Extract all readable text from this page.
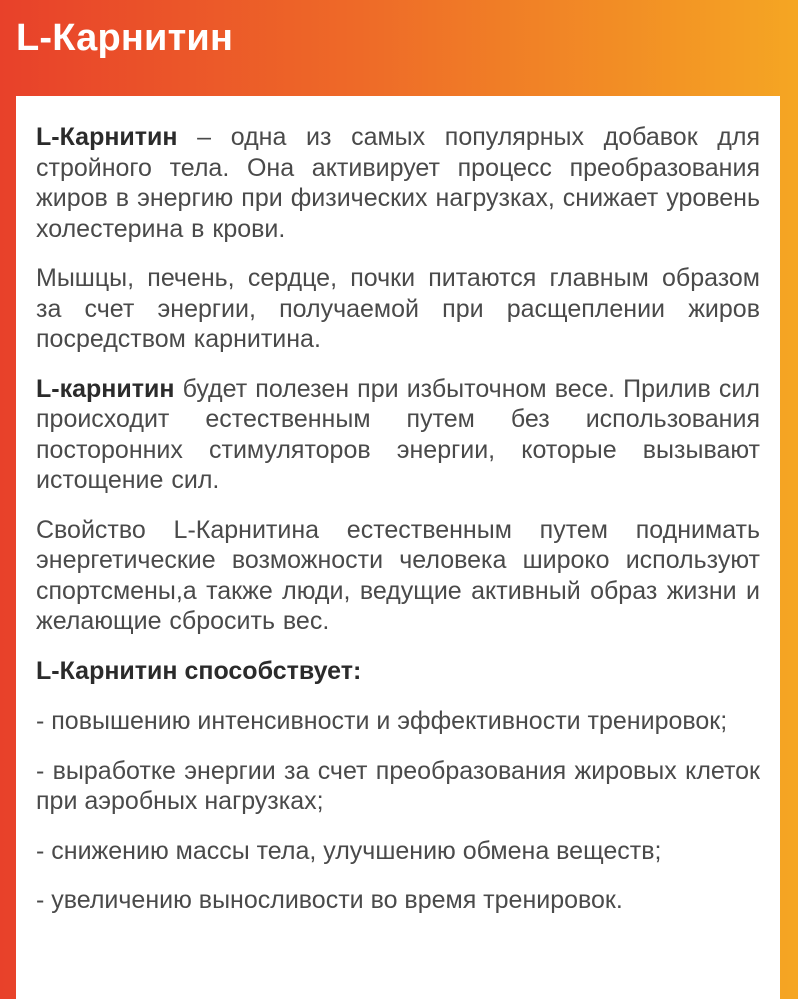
L-Карнитин

L-Карнитин – одна из самых популярных добавок для стройного тела. Она активирует процесс преобразования жиров в энергию при физических нагрузках, снижает уровень холестерина в крови.

Мышцы, печень, сердце, почки питаются главным образом за счет энергии, получаемой при расщеплении жиров посредством карнитина.

L-карнитин будет полезен при избыточном весе. Прилив сил происходит естественным путем без использования посторонних стимуляторов энергии, которые вызывают истощение сил.

Свойство L-Карнитина естественным путем поднимать энергетические возможности человека широко используют спортсмены,а также люди, ведущие активный образ жизни и желающие сбросить вес.

L-Карнитин способствует:

- повышению интенсивности и эффективности тренировок;

- выработке энергии за счет преобразования жировых клеток при аэробных нагрузках;

- снижению массы тела, улучшению обмена веществ;

- увеличению выносливости во время тренировок.
